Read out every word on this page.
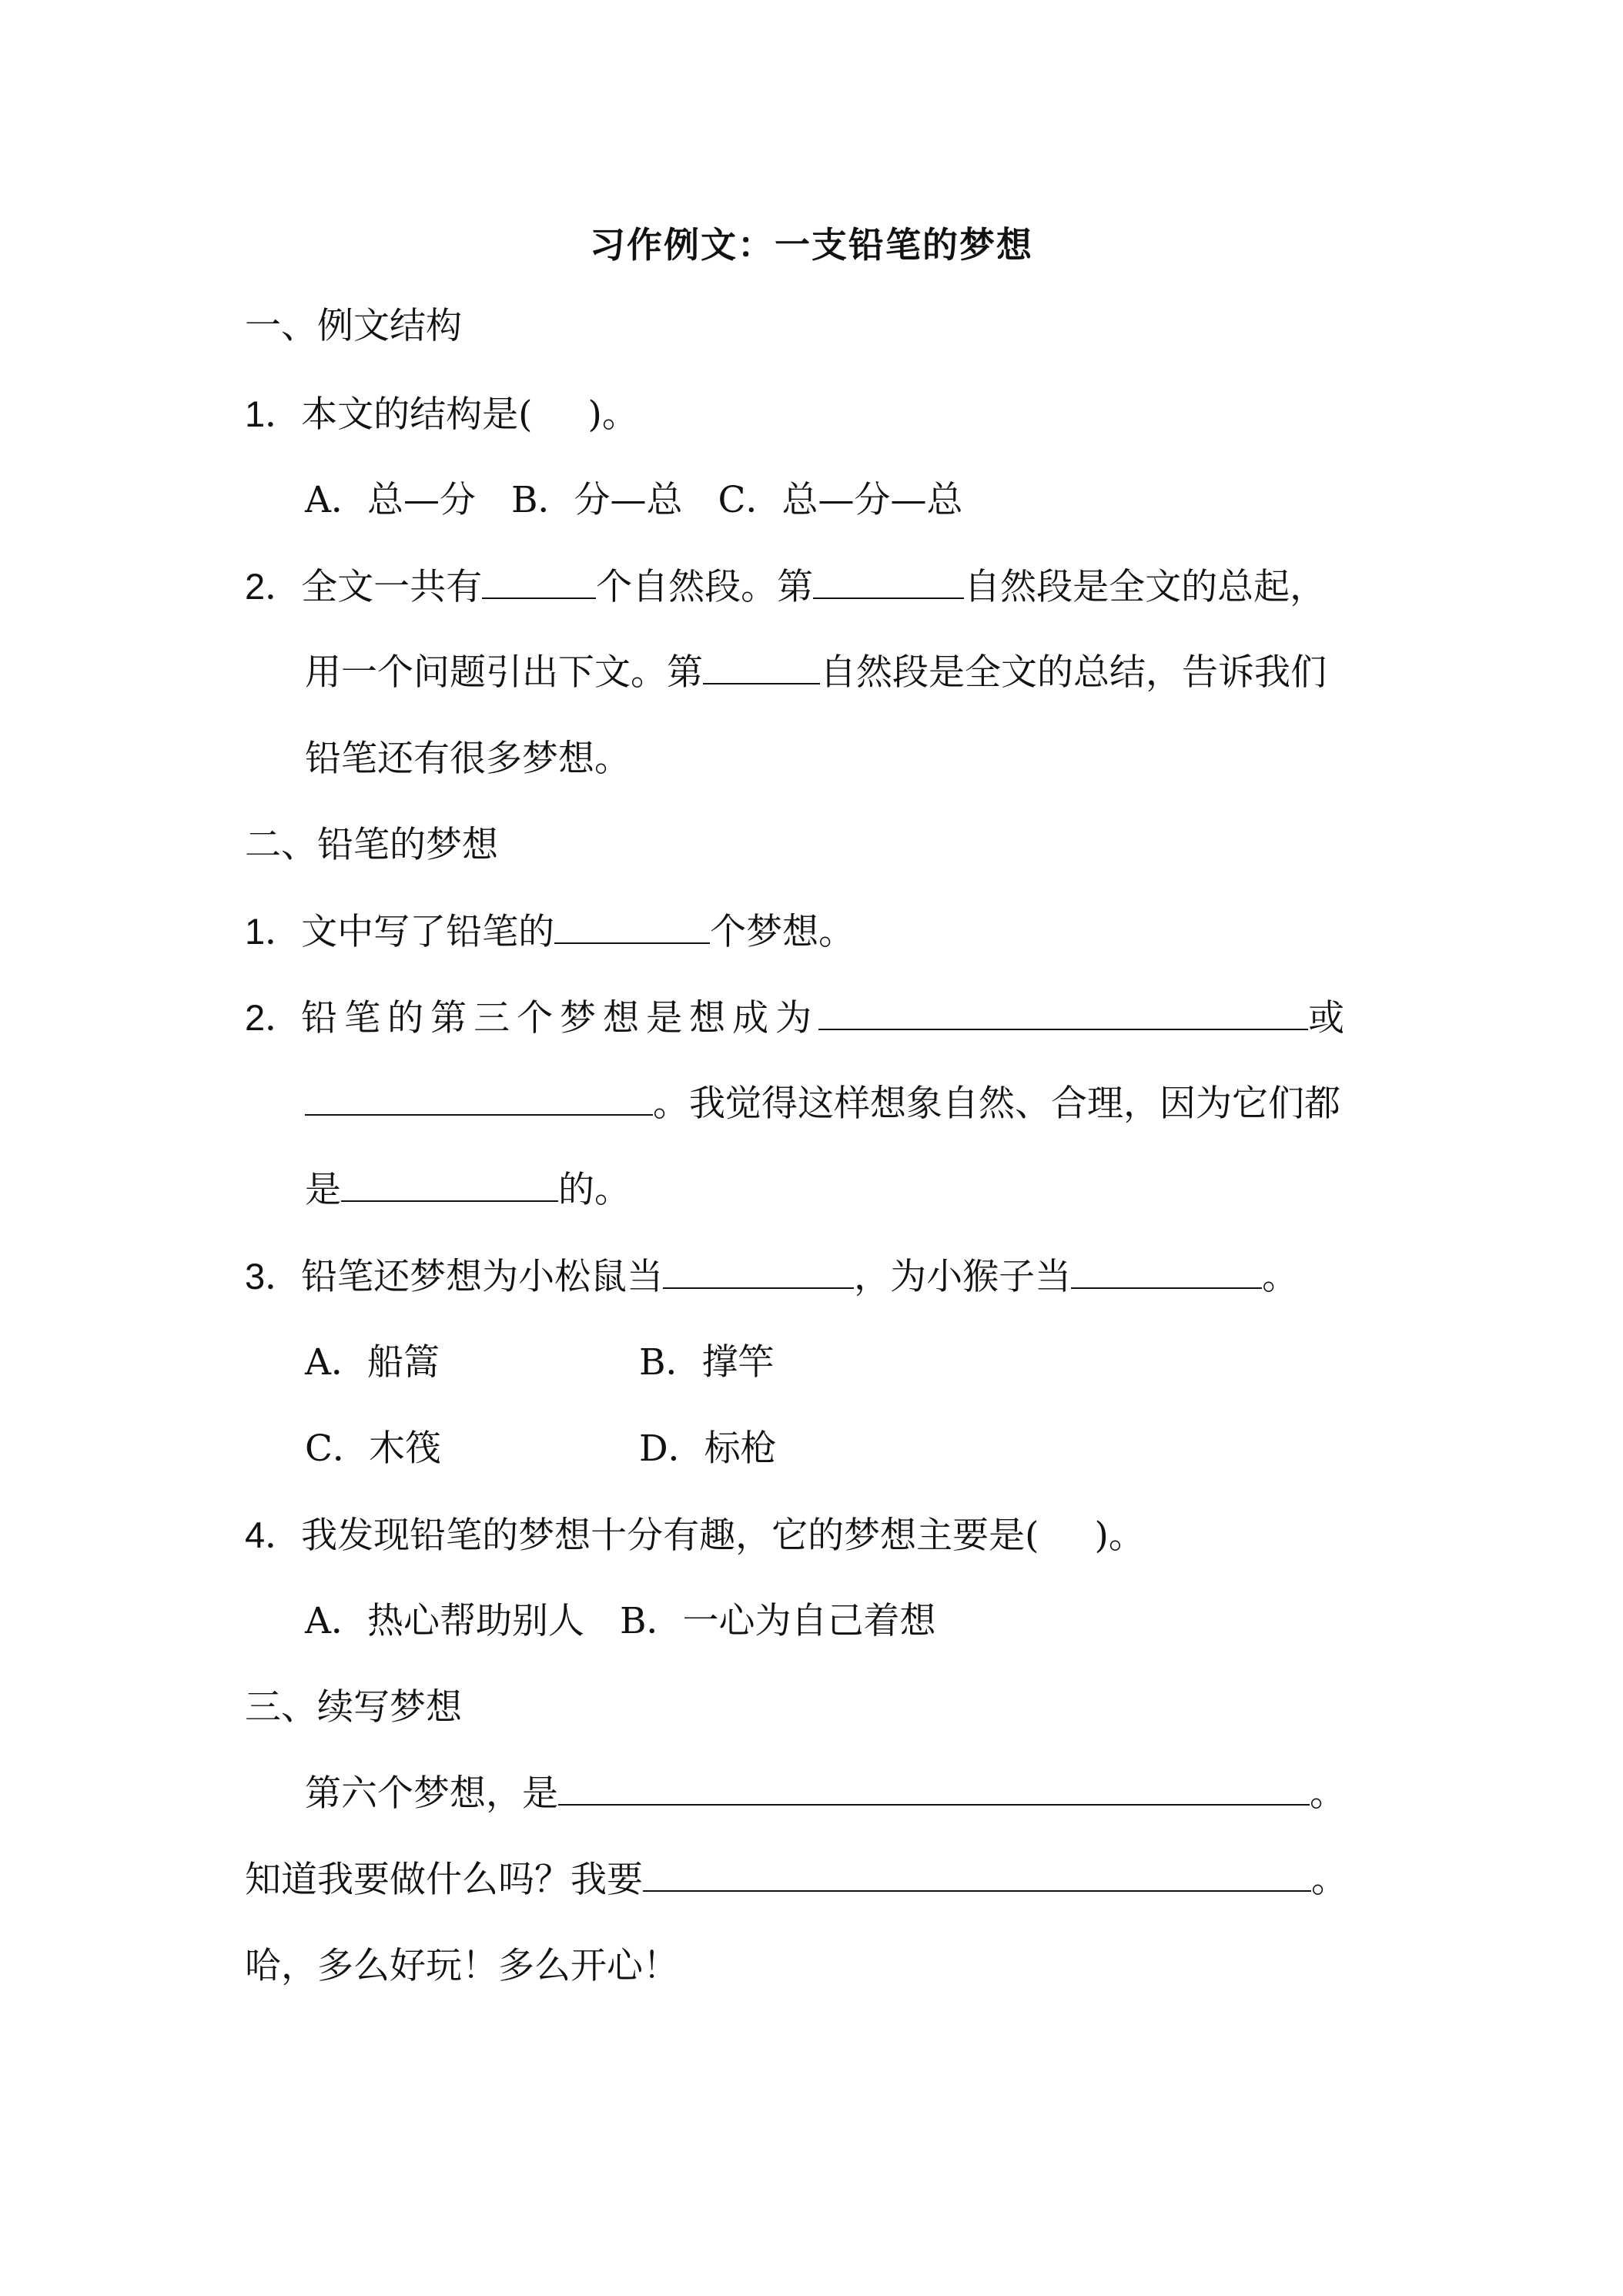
习作例文：一支铅笔的梦想
一、例文结构
1．本文的结构是( )。
A．总—分 B．分—总 C．总—分—总
2．全文一共有	个自然段。第	自然段是全文的总起，
用一个问题引出下文。第	自然段是全文的总结，告诉我们
铅笔还有很多梦想。
二、铅笔的梦想
1．文中写了铅笔的	个梦想。
2．铅笔的第三个梦想是想成为	或
。我觉得这样想象自然、合理，因为它们都
是	的。
3．铅笔还梦想为小松鼠当	，为小猴子当	。
A．船篙	B．撑竿
C．木筏	D．标枪
4．我发现铅笔的梦想十分有趣，它的梦想主要是( )。
A．热心帮助别人 B．一心为自己着想
三、续写梦想
第六个梦想，是	。
知道我要做什么吗？我要	。
哈，多么好玩！多么开心！
